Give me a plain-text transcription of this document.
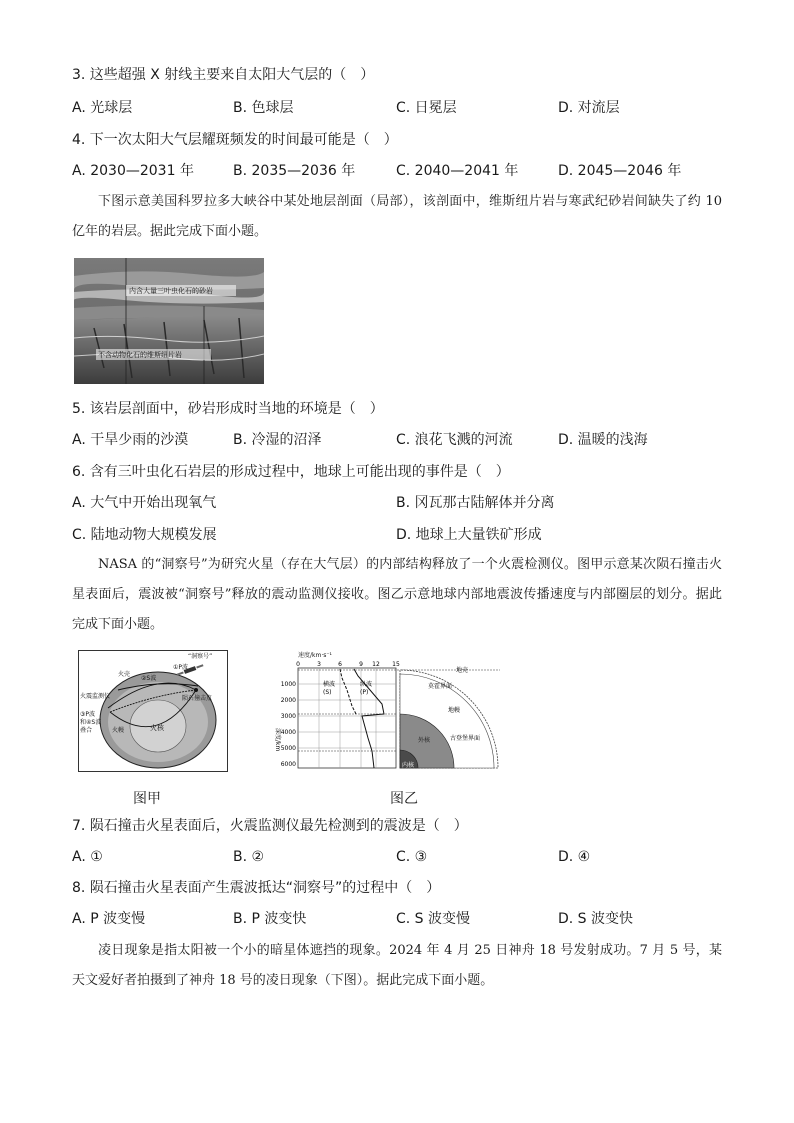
3. 这些超强 X 射线主要来自太阳大气层的（　）
A. 光球层	B. 色球层	C. 日冕层	D. 对流层
4. 下一次太阳大气层耀斑频发的时间最可能是（　）
A. 2030—2031 年	B. 2035—2036 年	C. 2040—2041 年	D. 2045—2046 年
下图示意美国科罗拉多大峡谷中某处地层剖面（局部），该剖面中，维斯纽片岩与寒武纪砂岩间缺失了约 10 亿年的岩层。据此完成下面小题。
内含大量三叶虫化石的砂岩
不含动物化石的维斯纽片岩
5. 该岩层剖面中，砂岩形成时当地的环境是（　）
A. 干旱少雨的沙漠	B. 冷湿的沼泽	C. 浪花飞溅的河流	D. 温暖的浅海
6. 含有三叶虫化石岩层的形成过程中，地球上可能出现的事件是（　）
A. 大气中开始出现氧气	B. 冈瓦那古陆解体并分离
C. 陆地动物大规模发展	D. 地球上大量铁矿形成
NASA 的“洞察号”为研究火星（存在大气层）的内部结构释放了一个火震检测仪。图甲示意某次陨石撞击火星表面后，震波被“洞察号”释放的震动监测仪接收。图乙示意地球内部地震波传播速度与内部圈层的划分。据此完成下面小题。
“洞察号”
火壳
①P波
②S波
火震监测仪	陨石撞击点
③P波
和④S波
叠合	火幔	火核
图甲
速度/km·s⁻¹
深度/km
0	3	6	9 12 15
1000
2000
3000
4000
5000
6000
横波
(S)
纵波
(P)
地壳
莫霍界面
地幔
外核	古登堡界面
内核
图乙
7. 陨石撞击火星表面后，火震监测仪最先检测到的震波是（　）
A. ①	B. ②	C. ③	D. ④
8. 陨石撞击火星表面产生震波抵达“洞察号”的过程中（　）
A. P 波变慢	B. P 波变快	C. S 波变慢	D. S 波变快
凌日现象是指太阳被一个小的暗星体遮挡的现象。2024 年 4 月 25 日神舟 18 号发射成功。7 月 5 号，某天文爱好者拍摄到了神舟 18 号的凌日现象（下图）。据此完成下面小题。
